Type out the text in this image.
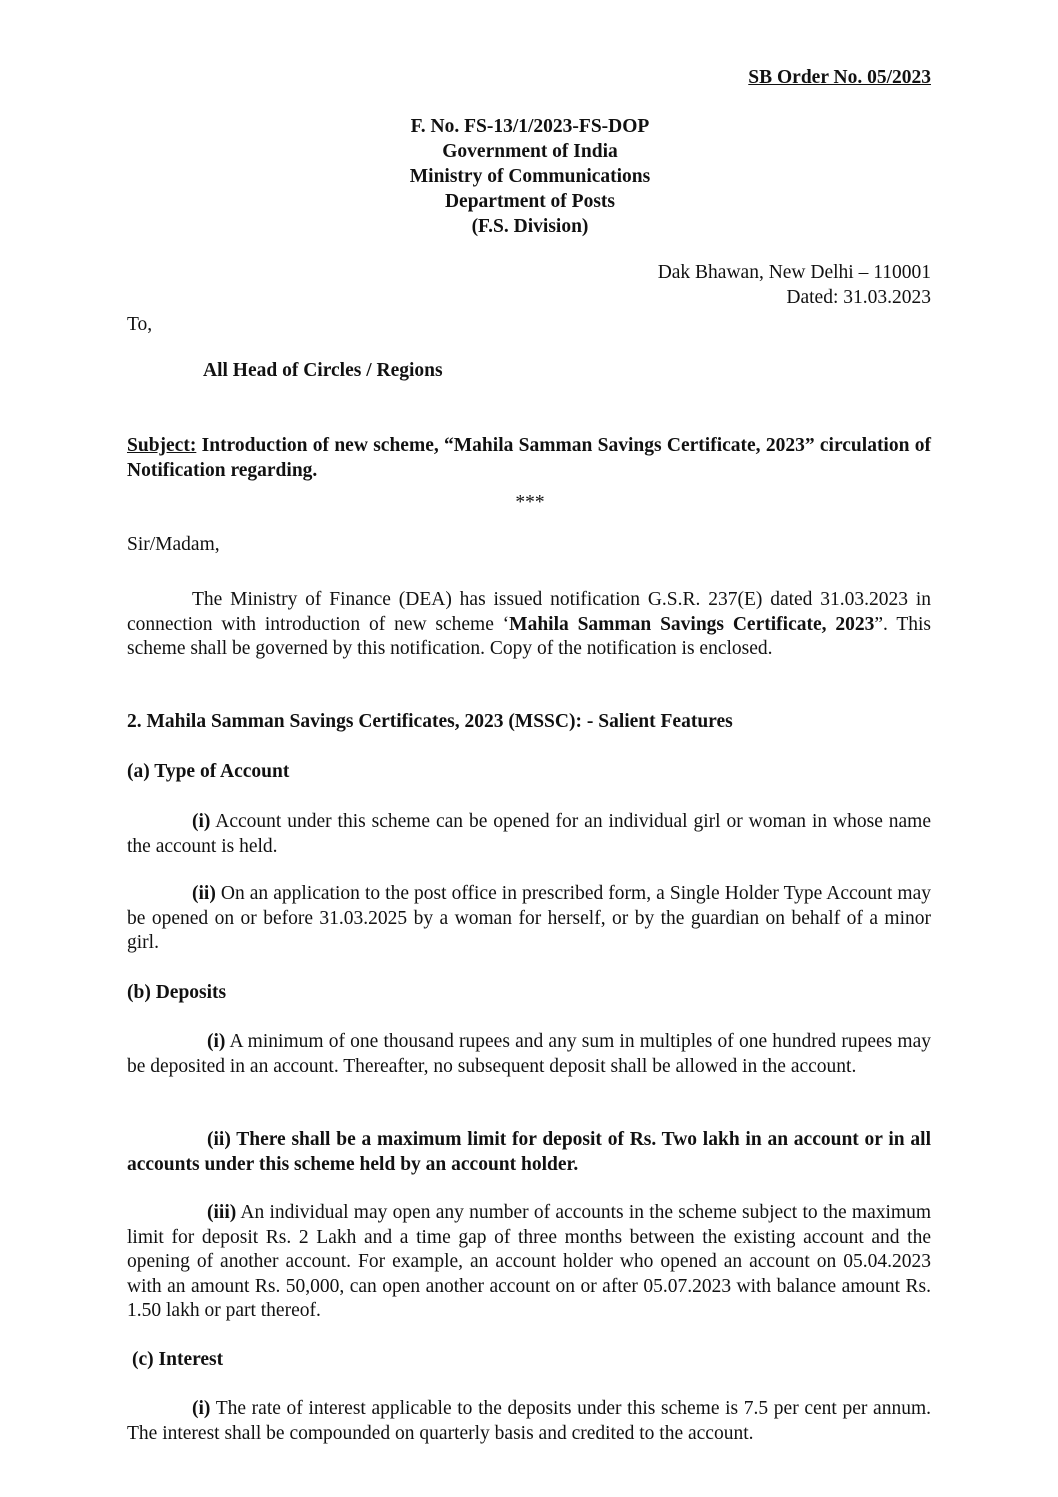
SB Order No. 05/2023
F. No. FS-13/1/2023-FS-DOP
Government of India
Ministry of Communications
Department of Posts
(F.S. Division)
Dak Bhawan, New Delhi – 110001
Dated: 31.03.2023
To,
All Head of Circles / Regions
Subject: Introduction of new scheme, “Mahila Samman Savings Certificate, 2023” circulation of Notification regarding.
***
Sir/Madam,
The Ministry of Finance (DEA) has issued notification G.S.R. 237(E) dated 31.03.2023 in connection with introduction of new scheme ‘Mahila Samman Savings Certificate, 2023”. This scheme shall be governed by this notification. Copy of the notification is enclosed.
2. Mahila Samman Savings Certificates, 2023 (MSSC): - Salient Features
(a) Type of Account
(i) Account under this scheme can be opened for an individual girl or woman in whose name the account is held.
(ii) On an application to the post office in prescribed form, a Single Holder Type Account may be opened on or before 31.03.2025 by a woman for herself, or by the guardian on behalf of a minor girl.
(b) Deposits
(i) A minimum of one thousand rupees and any sum in multiples of one hundred rupees may be deposited in an account. Thereafter, no subsequent deposit shall be allowed in the account.
(ii) There shall be a maximum limit for deposit of Rs. Two lakh in an account or in all accounts under this scheme held by an account holder.
(iii) An individual may open any number of accounts in the scheme subject to the maximum limit for deposit Rs. 2 Lakh and a time gap of three months between the existing account and the opening of another account. For example, an account holder who opened an account on 05.04.2023 with an amount Rs. 50,000, can open another account on or after 05.07.2023 with balance amount Rs. 1.50 lakh or part thereof.
(c) Interest
(i) The rate of interest applicable to the deposits under this scheme is 7.5 per cent per annum. The interest shall be compounded on quarterly basis and credited to the account.
